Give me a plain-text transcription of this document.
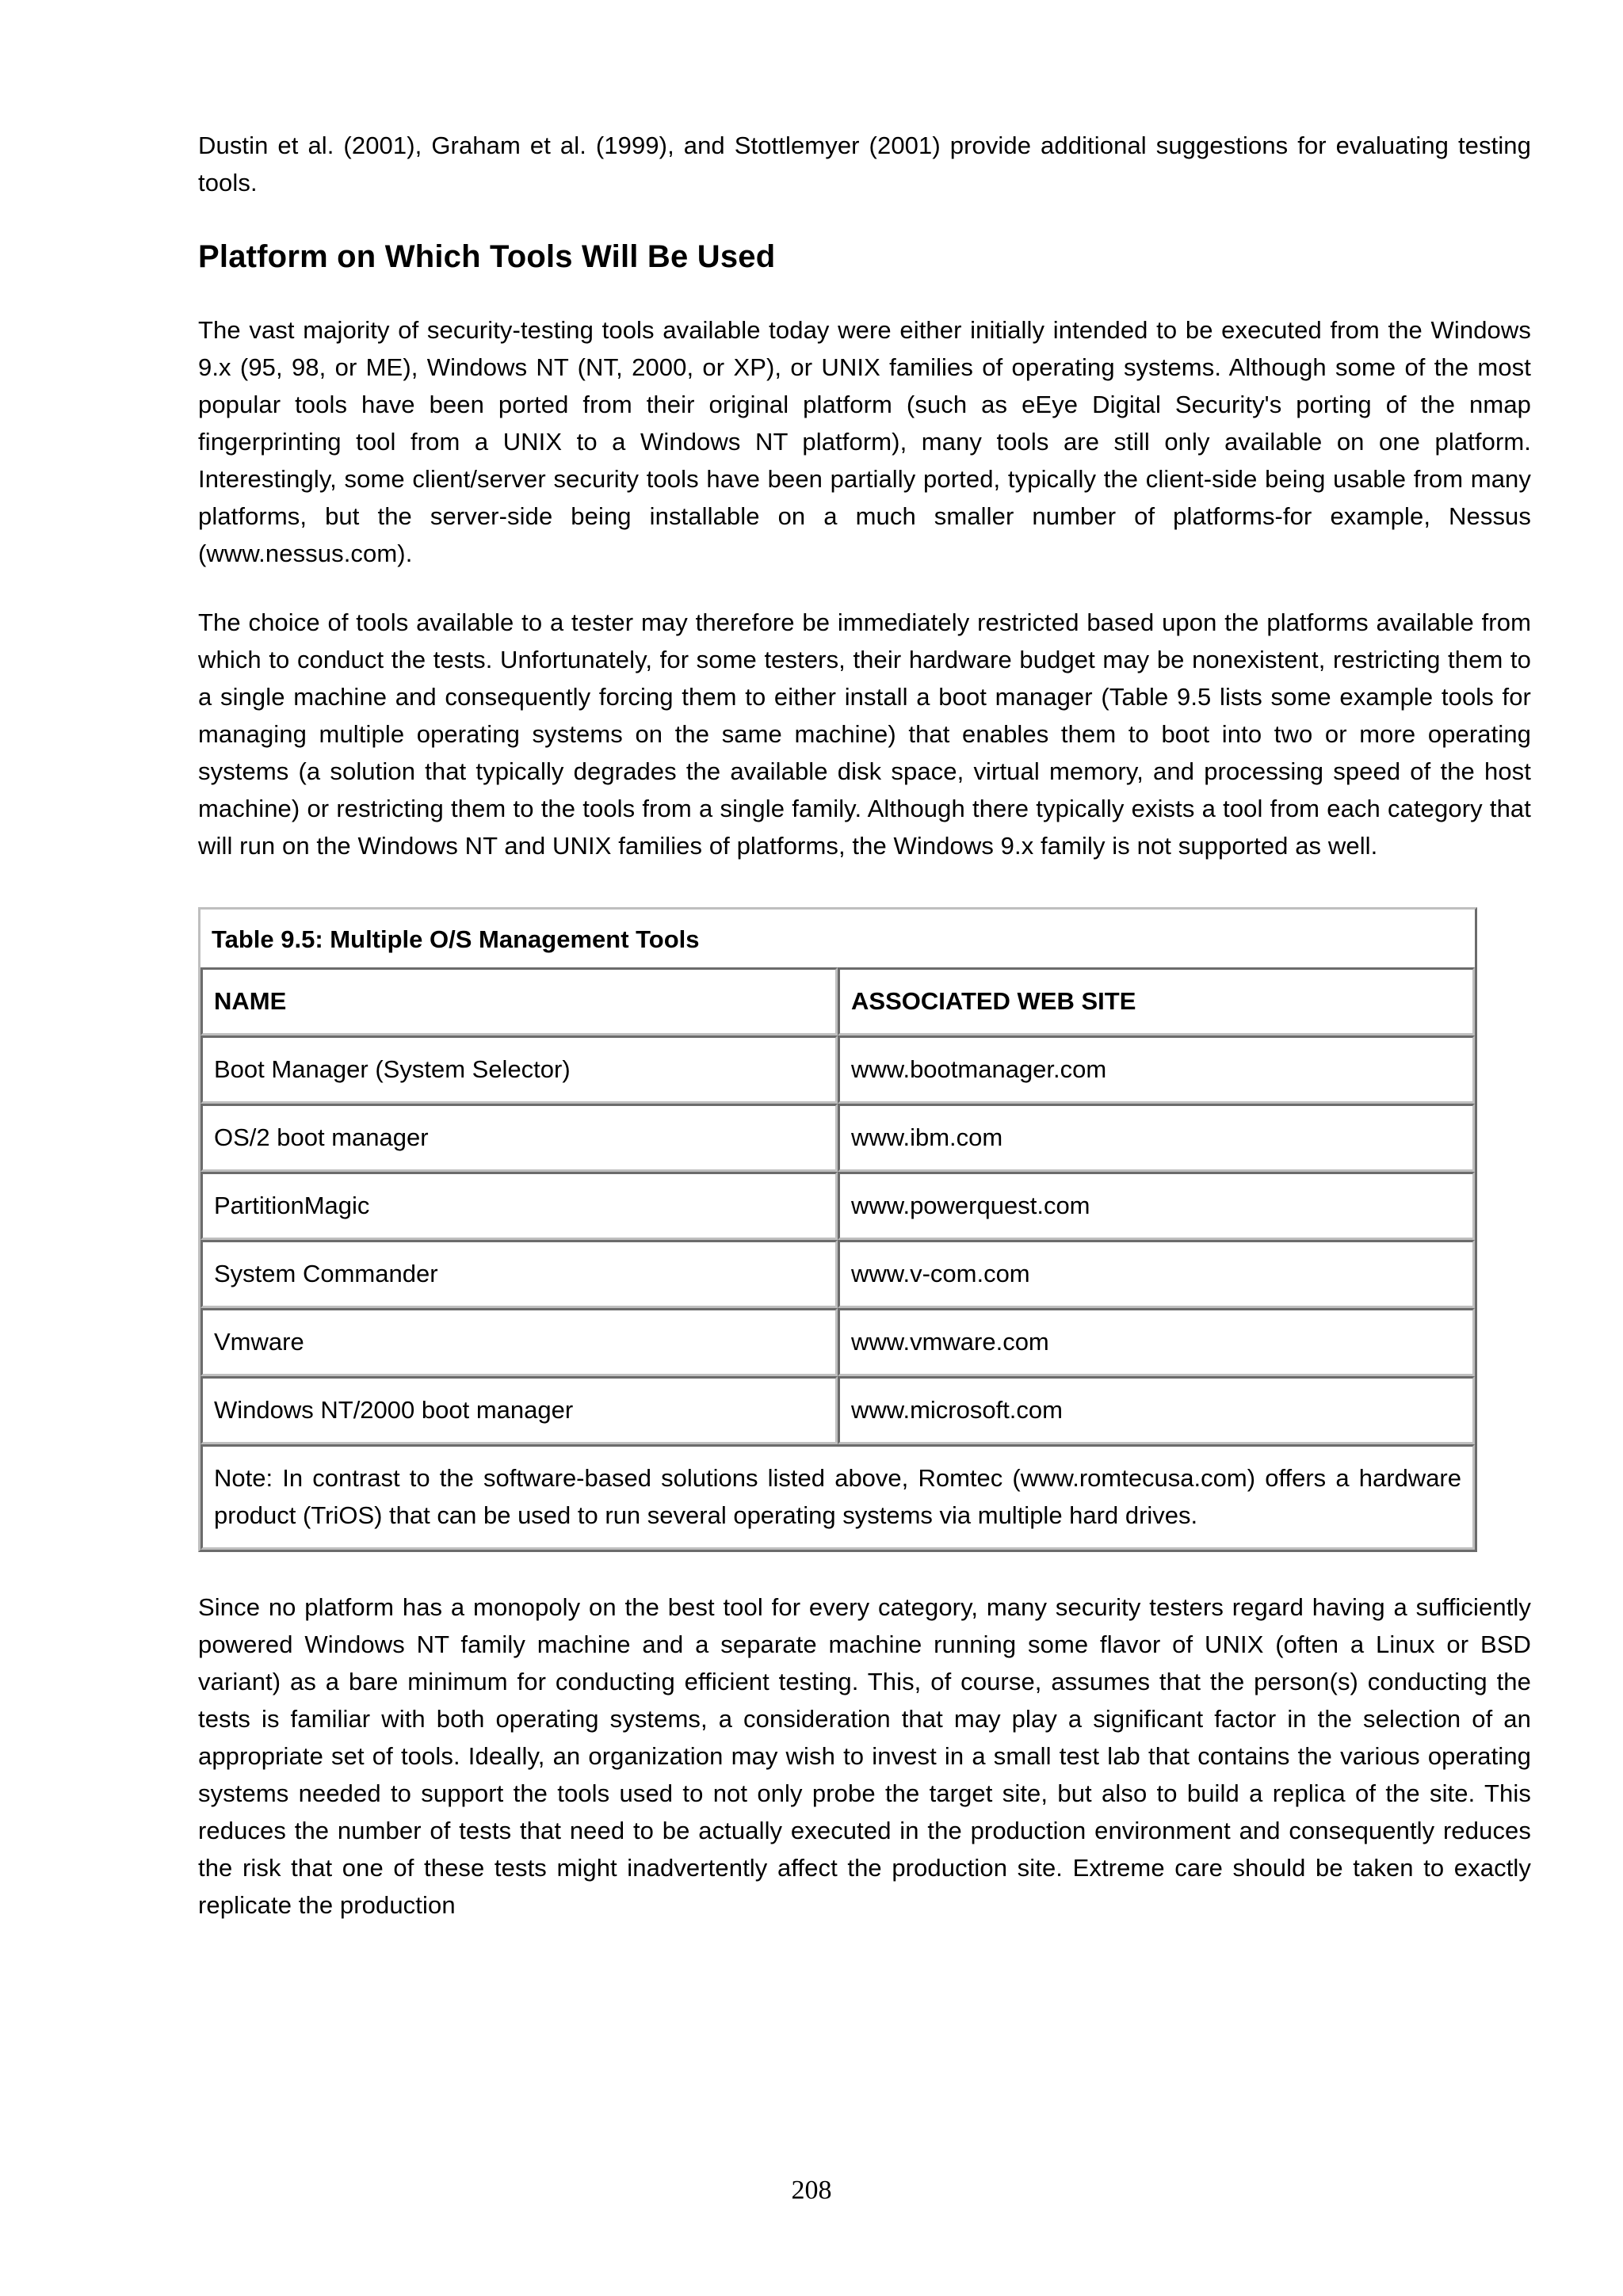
Dustin et al. (2001), Graham et al. (1999), and Stottlemyer (2001) provide additional suggestions for evaluating testing tools.

Platform on Which Tools Will Be Used

The vast majority of security-testing tools available today were either initially intended to be executed from the Windows 9.x (95, 98, or ME), Windows NT (NT, 2000, or XP), or UNIX families of operating systems. Although some of the most popular tools have been ported from their original platform (such as eEye Digital Security's porting of the nmap fingerprinting tool from a UNIX to a Windows NT platform), many tools are still only available on one platform. Interestingly, some client/server security tools have been partially ported, typically the client-side being usable from many platforms, but the server-side being installable on a much smaller number of platforms-for example, Nessus (www.nessus.com).

The choice of tools available to a tester may therefore be immediately restricted based upon the platforms available from which to conduct the tests. Unfortunately, for some testers, their hardware budget may be nonexistent, restricting them to a single machine and consequently forcing them to either install a boot manager (Table 9.5 lists some example tools for managing multiple operating systems on the same machine) that enables them to boot into two or more operating systems (a solution that typically degrades the available disk space, virtual memory, and processing speed of the host machine) or restricting them to the tools from a single family. Although there typically exists a tool from each category that will run on the Windows NT and UNIX families of platforms, the Windows 9.x family is not supported as well.

Table 9.5: Multiple O/S Management Tools	
NAME	ASSOCIATED WEB SITE
Boot Manager (System Selector)	www.bootmanager.com
OS/2 boot manager	www.ibm.com
PartitionMagic	www.powerquest.com
System Commander	www.v-com.com
Vmware	www.vmware.com
Windows NT/2000 boot manager	www.microsoft.com
Note: In contrast to the software-based solutions listed above, Romtec (www.romtecusa.com) offers a hardware product (TriOS) that can be used to run several operating systems via multiple hard drives.	

Since no platform has a monopoly on the best tool for every category, many security testers regard having a sufficiently powered Windows NT family machine and a separate machine running some flavor of UNIX (often a Linux or BSD variant) as a bare minimum for conducting efficient testing. This, of course, assumes that the person(s) conducting the tests is familiar with both operating systems, a consideration that may play a significant factor in the selection of an appropriate set of tools. Ideally, an organization may wish to invest in a small test lab that contains the various operating systems needed to support the tools used to not only probe the target site, but also to build a replica of the site. This reduces the number of tests that need to be actually executed in the production environment and consequently reduces the risk that one of these tests might inadvertently affect the production site. Extreme care should be taken to exactly replicate the production

208
